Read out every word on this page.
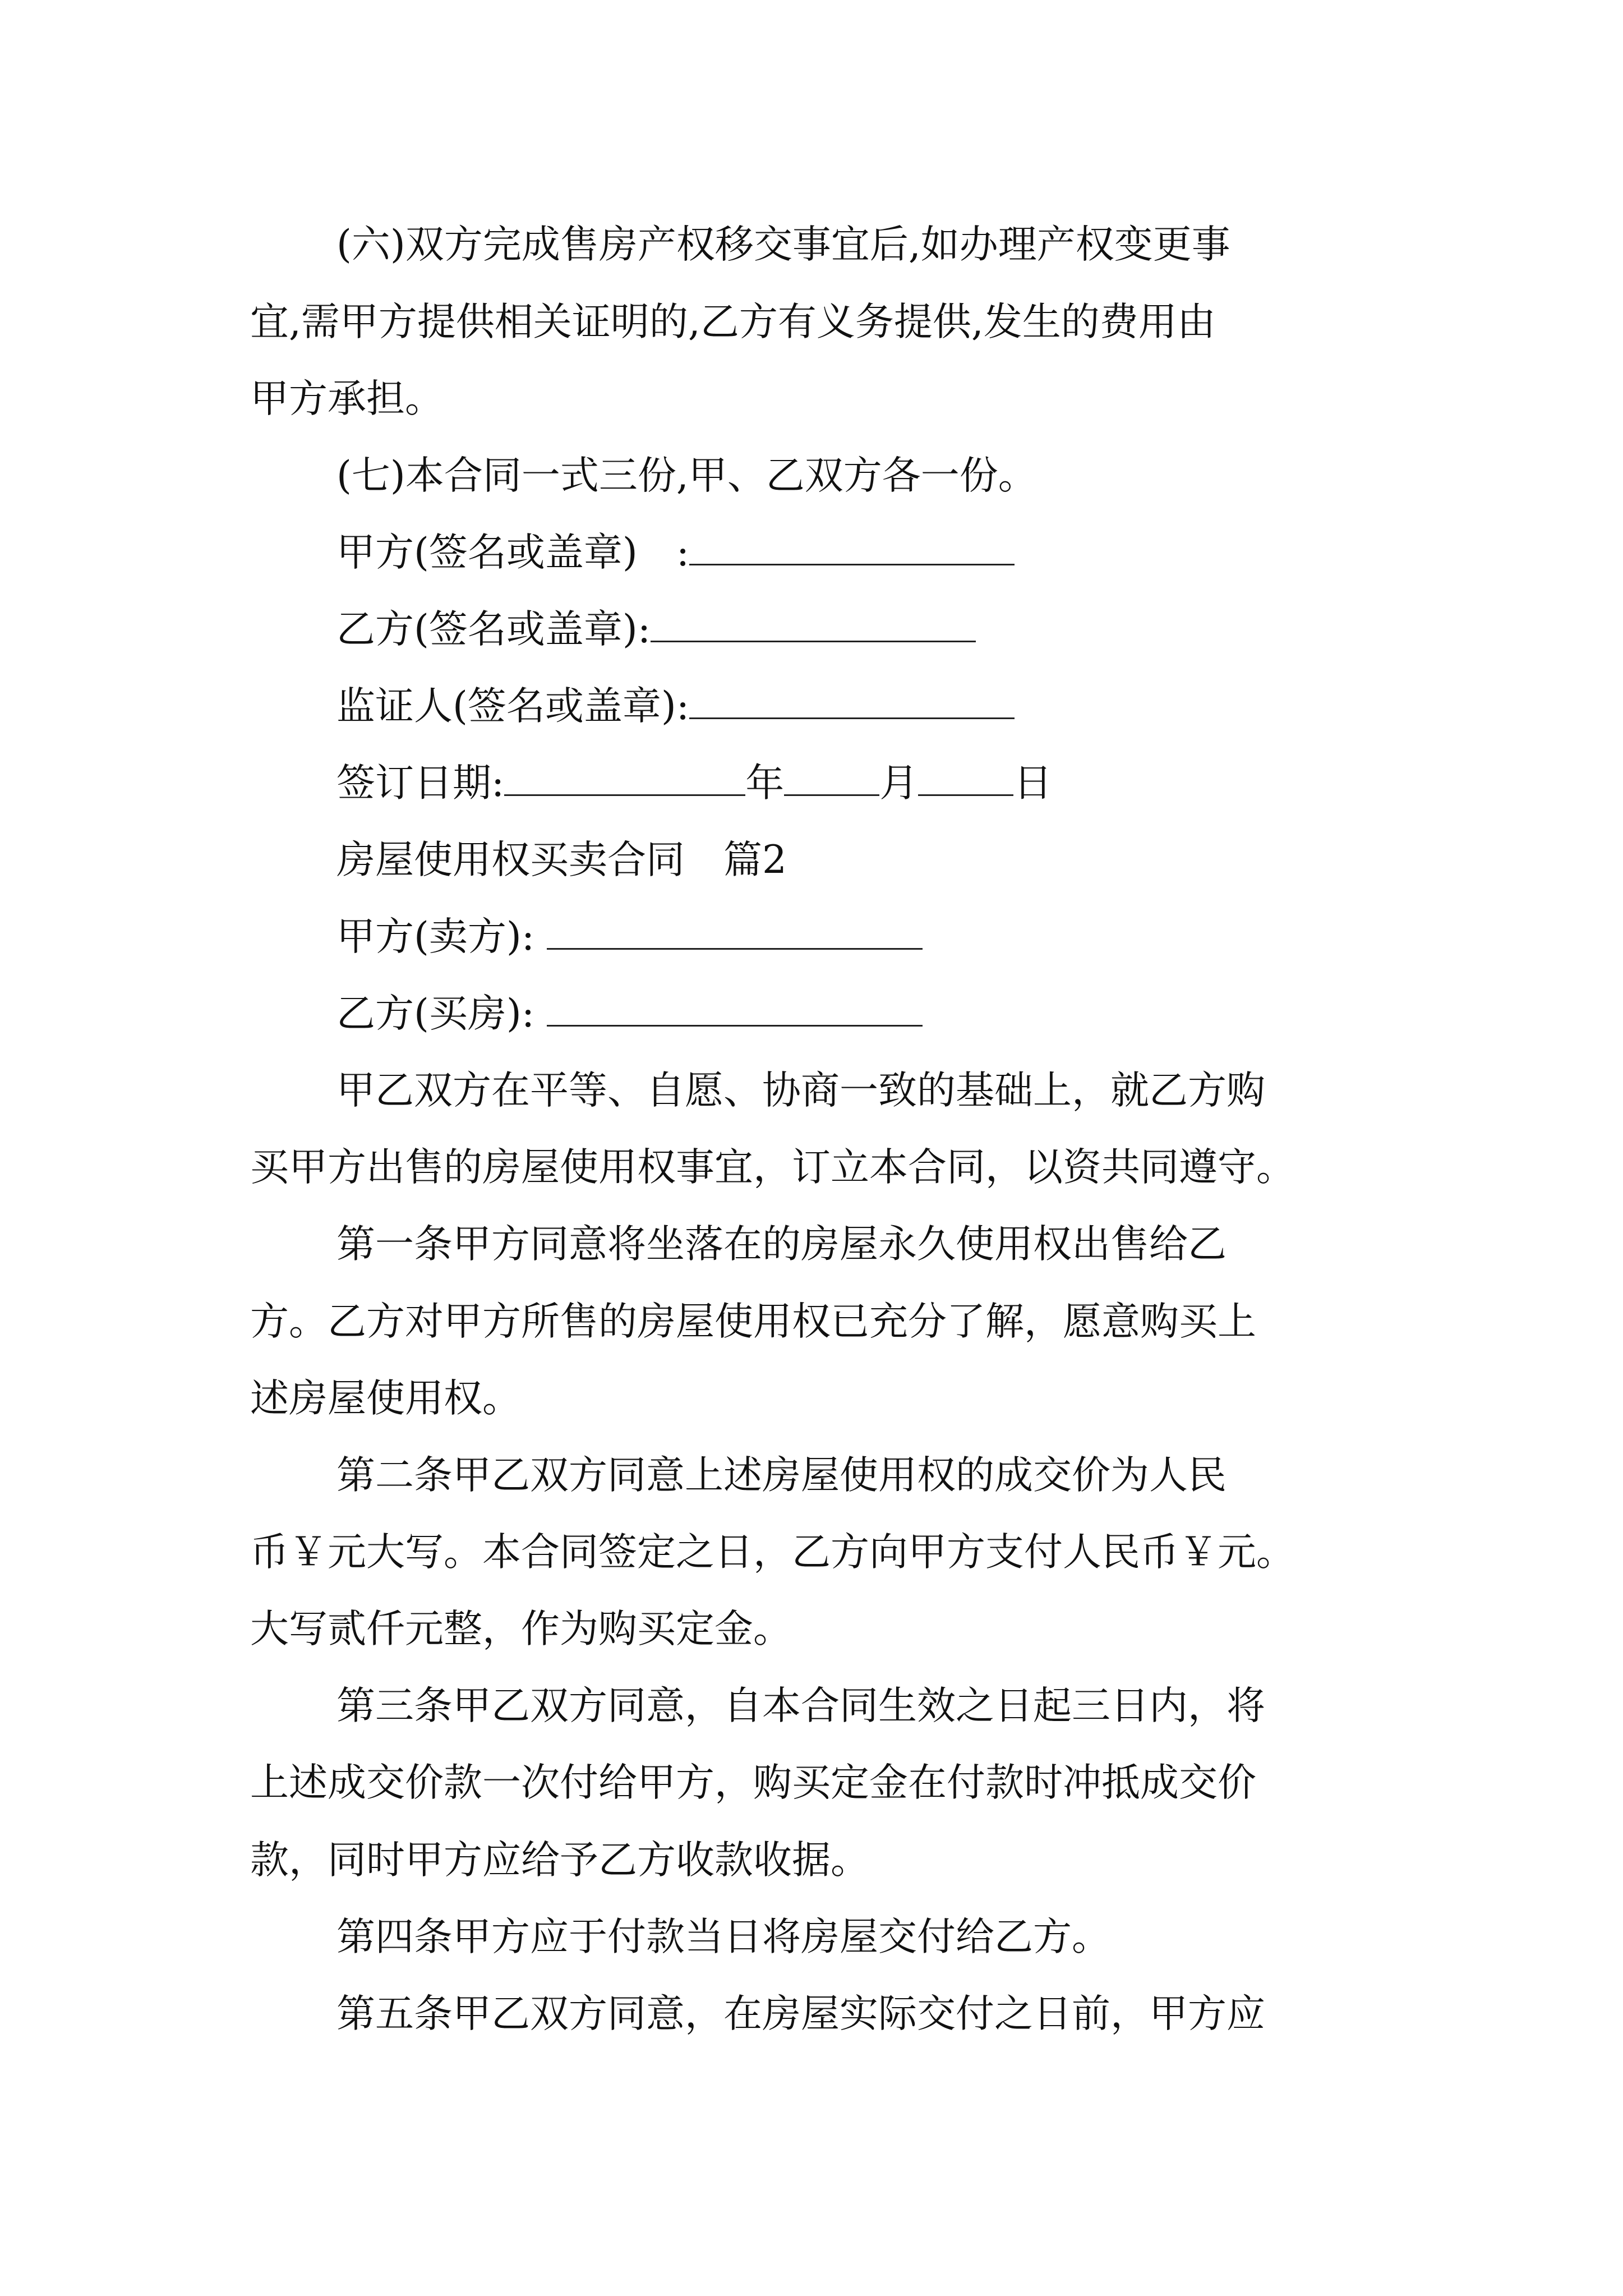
(六)双方完成售房产权移交事宜后,如办理产权变更事
宜,需甲方提供相关证明的,乙方有义务提供,发生的费用由
甲方承担。
(七)本合同一式三份,甲、乙双方各一份。
甲方(签名或盖章)　:
乙方(签名或盖章):
监证人(签名或盖章):
签订日期:	年 月 日
房屋使用权买卖合同　篇2
甲方(卖方):
乙方(买房):
甲乙双方在平等、自愿、协商一致的基础上，就乙方购
买甲方出售的房屋使用权事宜，订立本合同，以资共同遵守。
第一条甲方同意将坐落在的房屋永久使用权出售给乙
方。乙方对甲方所售的房屋使用权已充分了解，愿意购买上
述房屋使用权。
第二条甲乙双方同意上述房屋使用权的成交价为人民
币￥元大写。本合同签定之日，乙方向甲方支付人民币￥元。
大写贰仟元整，作为购买定金。
第三条甲乙双方同意，自本合同生效之日起三日内，将
上述成交价款一次付给甲方，购买定金在付款时冲抵成交价
款，同时甲方应给予乙方收款收据。
第四条甲方应于付款当日将房屋交付给乙方。
第五条甲乙双方同意，在房屋实际交付之日前，甲方应
